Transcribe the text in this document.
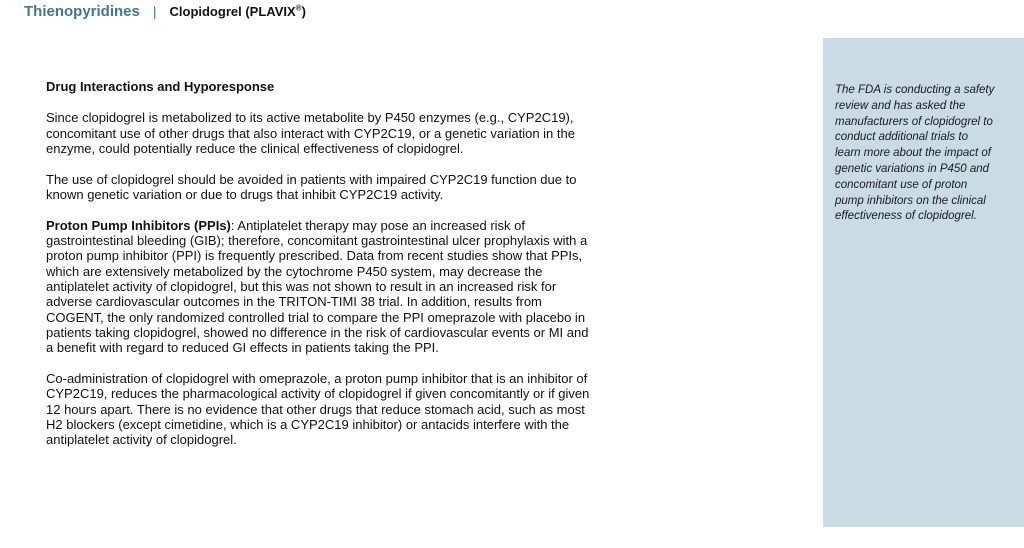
Thienopyridines | Clopidogrel (PLAVIX®)
Drug Interactions and Hyporesponse

Since clopidogrel is metabolized to its active metabolite by P450 enzymes (e.g., CYP2C19), concomitant use of other drugs that also interact with CYP2C19, or a genetic variation in the enzyme, could potentially reduce the clinical effectiveness of clopidogrel.

The use of clopidogrel should be avoided in patients with impaired CYP2C19 function due to known genetic variation or due to drugs that inhibit CYP2C19 activity.

Proton Pump Inhibitors (PPIs): Antiplatelet therapy may pose an increased risk of gastrointestinal bleeding (GIB); therefore, concomitant gastrointestinal ulcer prophylaxis with a proton pump inhibitor (PPI) is frequently prescribed. Data from recent studies show that PPIs, which are extensively metabolized by the cytochrome P450 system, may decrease the antiplatelet activity of clopidogrel, but this was not shown to result in an increased risk for adverse cardiovascular outcomes in the TRITON-TIMI 38 trial. In addition, results from COGENT, the only randomized controlled trial to compare the PPI omeprazole with placebo in patients taking clopidogrel, showed no difference in the risk of cardiovascular events or MI and a benefit with regard to reduced GI effects in patients taking the PPI.

Co-administration of clopidogrel with omeprazole, a proton pump inhibitor that is an inhibitor of CYP2C19, reduces the pharmacological activity of clopidogrel if given concomitantly or if given 12 hours apart. There is no evidence that other drugs that reduce stomach acid, such as most H2 blockers (except cimetidine, which is a CYP2C19 inhibitor) or antacids interfere with the antiplatelet activity of clopidogrel.

The FDA is conducting a safety review and has asked the manufacturers of clopidogrel to conduct additional trials to learn more about the impact of genetic variations in P450 and concomitant use of proton pump inhibitors on the clinical effectiveness of clopidogrel.
